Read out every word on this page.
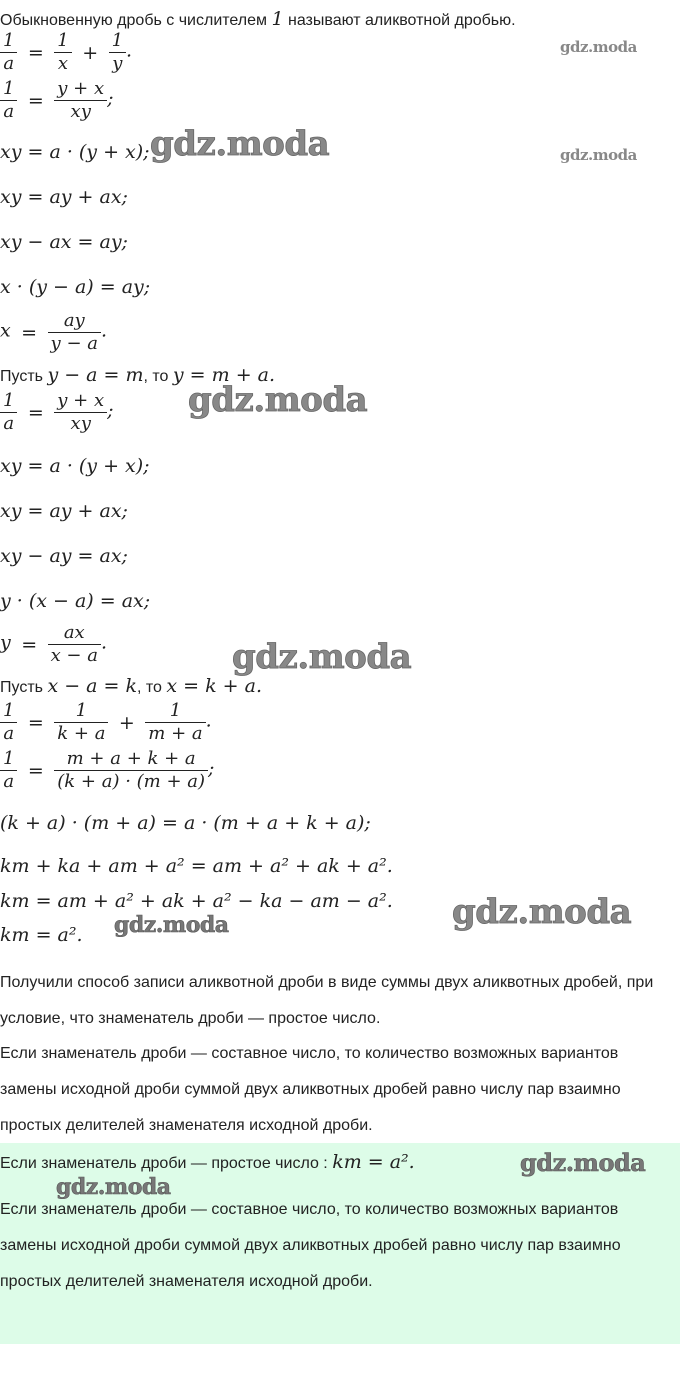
Обыкновенную дробь с числителем 1 называют аликвотной дробью.
$\frac{1}{a} = \frac{1}{x} + \frac{1}{y}$ .
$\frac{1}{a} = \frac{y + x}{xy}$ ;
xy = a · (y + x);
xy = ay + ax;
xy − ax = ay;
x · (y − a) = ay;
$x = \frac{ay}{y - a}$ .
Пусть y − a = m, то y = m + a.
$\frac{1}{a} = \frac{y + x}{xy}$ ;
xy = a · (y + x);
xy = ay + ax;
xy − ay = ax;
y · (x − a) = ax;
$y = \frac{ax}{x - a}$ .
Пусть x − a = k, то x = k + a.
$\frac{1}{a} = \frac{1}{k + a} + \frac{1}{m + a}$ .
$\frac{1}{a} = \frac{m + a + k + a}{(k + a) \cdot (m + a)}$ ;
(k + a) · (m + a) = a · (m + a + k + a);
km + ka + am + a² = am + a² + ak + a².
km = am + a² + ak + a² − ka − am − a².
km = a².
Получили способ записи аликвотной дроби в виде суммы двух аликвотных дробей, при условие, что знаменатель дроби — простое число.
Если знаменатель дроби — составное число, то количество возможных вариантов замены исходной дроби суммой двух аликвотных дробей равно числу пар взаимно простых делителей знаменателя исходной дроби.
Если знаменатель дроби — простое число : km = a².
Если знаменатель дроби — составное число, то количество возможных вариантов замены исходной дроби суммой двух аликвотных дробей равно числу пар взаимно простых делителей знаменателя исходной дроби.
gdz.moda
gdz.moda	gdz.moda
gdz.moda
gdz.moda
gdz.moda
gdz.moda
gdz.moda
gdz.moda
